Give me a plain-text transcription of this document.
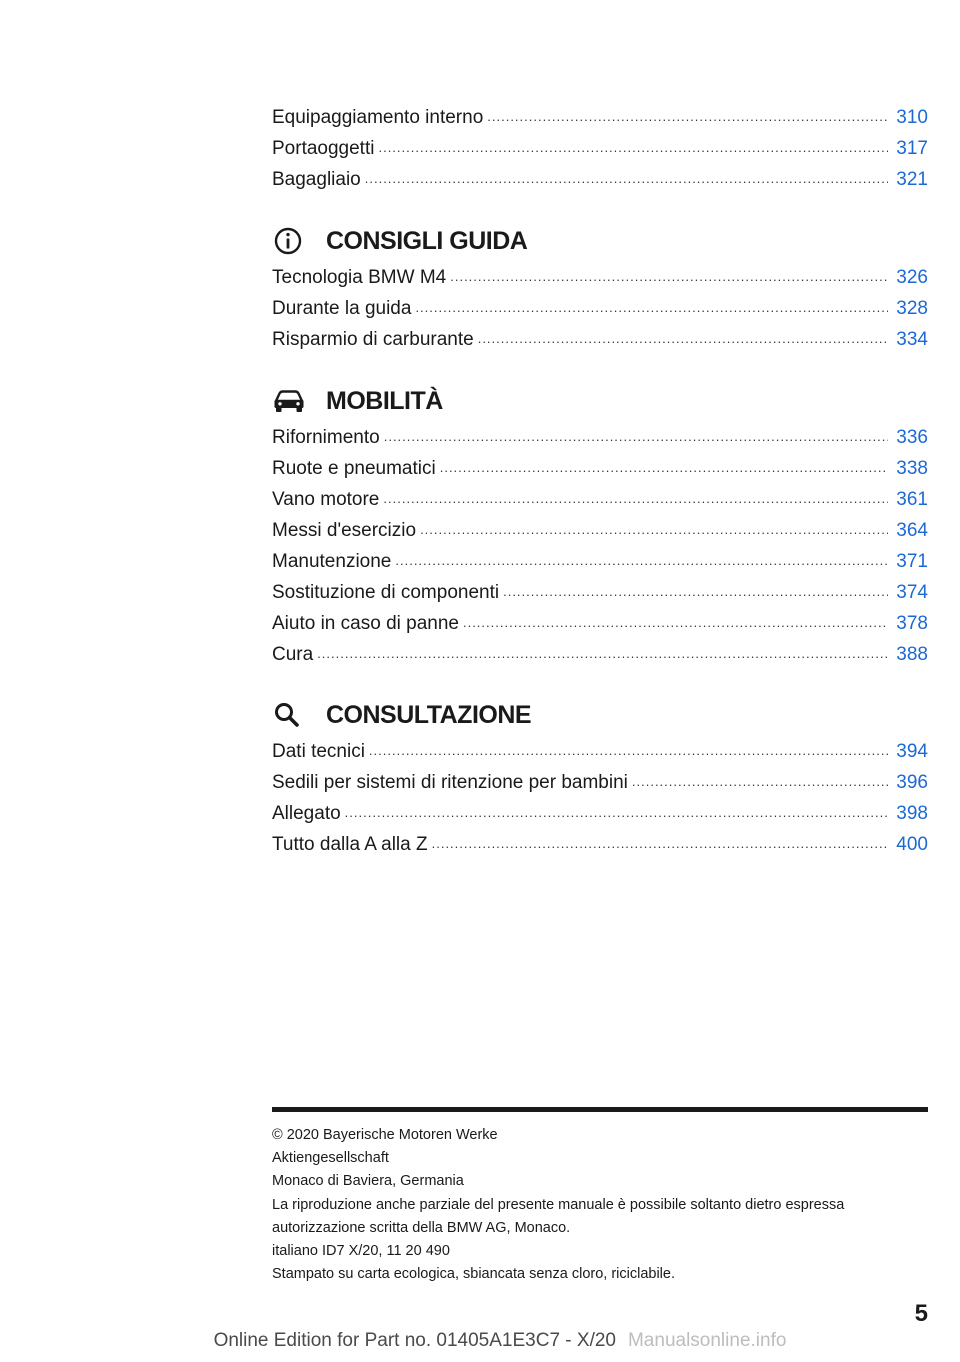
Equipaggiamento interno .....	310
Portaoggetti .....	317
Bagagliaio .....	321
CONSIGLI GUIDA
Tecnologia BMW M4 .....	326
Durante la guida .....	328
Risparmio di carburante .....	334
MOBILITÀ
Rifornimento .....	336
Ruote e pneumatici .....	338
Vano motore .....	361
Messi d'esercizio .....	364
Manutenzione .....	371
Sostituzione di componenti .....	374
Aiuto in caso di panne .....	378
Cura .....	388
CONSULTAZIONE
Dati tecnici .....	394
Sedili per sistemi di ritenzione per bambini .....	396
Allegato .....	398
Tutto dalla A alla Z .....	400
© 2020 Bayerische Motoren Werke
Aktiengesellschaft
Monaco di Baviera, Germania
La riproduzione anche parziale del presente manuale è possibile soltanto dietro espressa
autorizzazione scritta della BMW AG, Monaco.
italiano ID7 X/20, 11 20 490
Stampato su carta ecologica, sbiancata senza cloro, riciclabile.
5
Online Edition for Part no. 01405A1E3C7 - X/20 Manualsonline.info
